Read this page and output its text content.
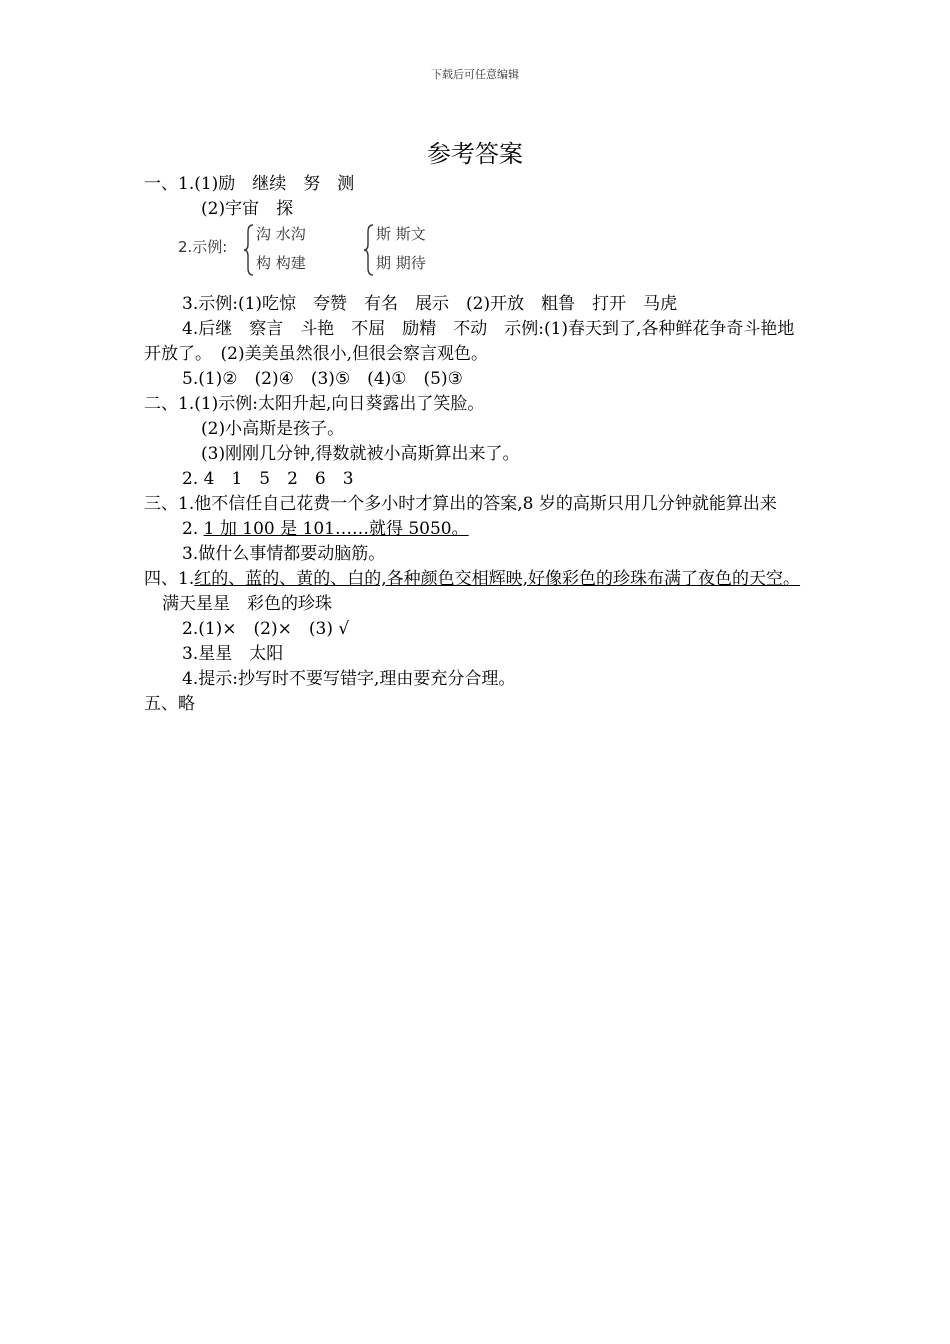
下载后可任意编辑
参考答案
一、1.(1)励　继续　努　测
(2)宇宙　探
2.示例:
沟 水沟
构 构建
斯 斯文
期 期待
3.示例:(1)吃惊　夸赞　有名　展示　(2)开放　粗鲁　打开　马虎
4.后继　察言　斗艳　不屈　励精　不动　示例:(1)春天到了,各种鲜花争奇斗艳地开放了。　(2)美美虽然很小,但很会察言观色。
5.(1)②　(2)④　(3)⑤　(4)①　(5)③
二、1.(1)示例:太阳升起,向日葵露出了笑脸。
(2)小高斯是孩子。
(3)刚刚几分钟,得数就被小高斯算出来了。
2. 4　1　5　2　6　3
三、1.他不信任自己花费一个多小时才算出的答案,8 岁的高斯只用几分钟就能算出来
2. 1 加 100 是 101……就得 5050。
3.做什么事情都要动脑筋。
四、1.红的、蓝的、黄的、白的,各种颜色交相辉映,好像彩色的珍珠布满了夜色的天空。满天星星　彩色的珍珠
2.(1)×　(2)×　(3) √
3.星星　太阳
4.提示:抄写时不要写错字,理由要充分合理。
五、略
